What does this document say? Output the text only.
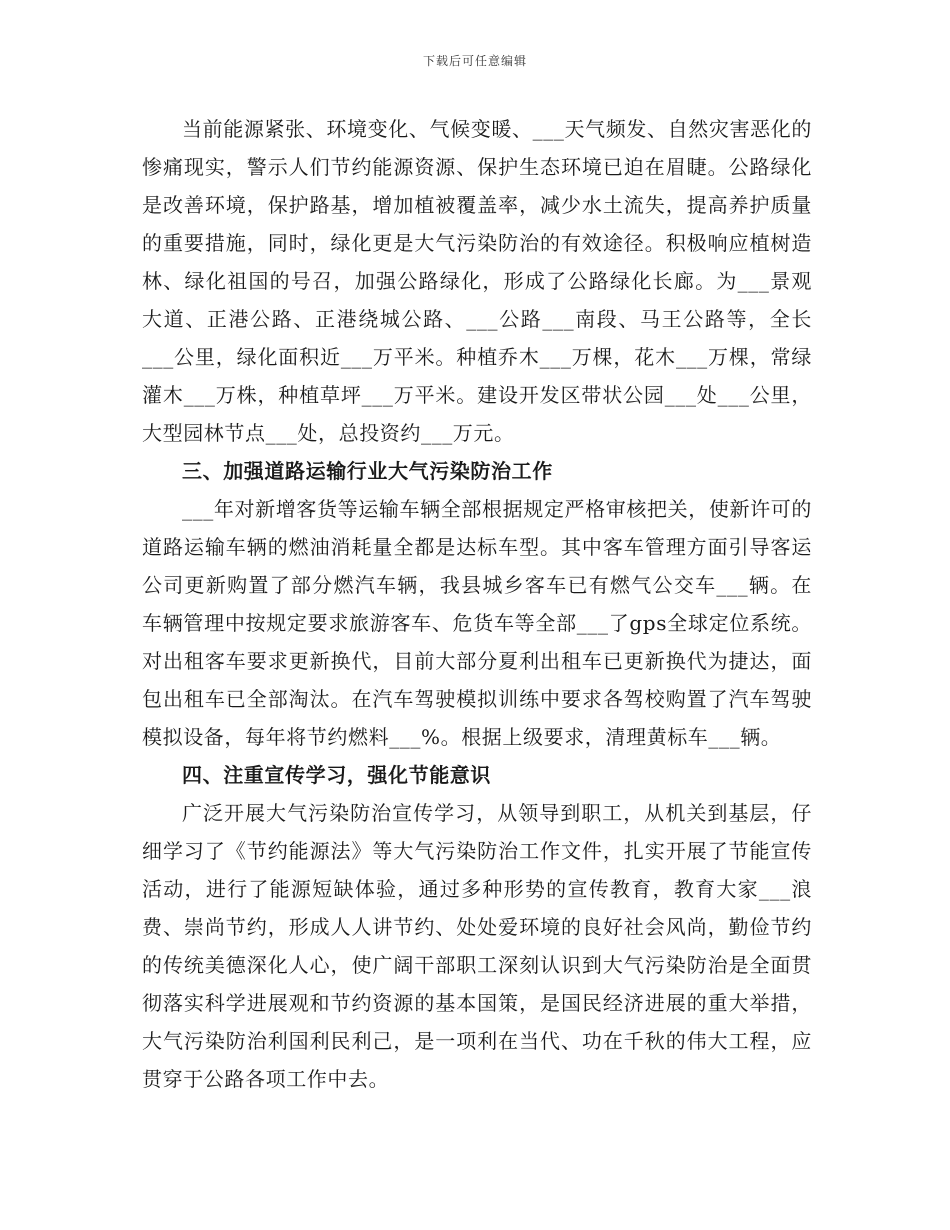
下载后可任意编辑

当前能源紧张、环境变化、气候变暖、___天气频发、自然灾害恶化的惨痛现实，警示人们节约能源资源、保护生态环境已迫在眉睫。公路绿化是改善环境，保护路基，增加植被覆盖率，减少水土流失，提高养护质量的重要措施，同时，绿化更是大气污染防治的有效途径。积极响应植树造林、绿化祖国的号召，加强公路绿化，形成了公路绿化长廊。为___景观大道、正港公路、正港绕城公路、___公路___南段、马王公路等，全长___公里，绿化面积近___万平米。种植乔木___万棵，花木___万棵，常绿灌木___万株，种植草坪___万平米。建设开发区带状公园___处___公里，大型园林节点___处，总投资约___万元。

三、加强道路运输行业大气污染防治工作

___年对新增客货等运输车辆全部根据规定严格审核把关，使新许可的道路运输车辆的燃油消耗量全都是达标车型。其中客车管理方面引导客运公司更新购置了部分燃汽车辆，我县城乡客车已有燃气公交车___辆。在车辆管理中按规定要求旅游客车、危货车等全部___了gps全球定位系统。对出租客车要求更新换代，目前大部分夏利出租车已更新换代为捷达，面包出租车已全部淘汰。在汽车驾驶模拟训练中要求各驾校购置了汽车驾驶模拟设备，每年将节约燃料___%。根据上级要求，清理黄标车___辆。

四、注重宣传学习，强化节能意识

广泛开展大气污染防治宣传学习，从领导到职工，从机关到基层，仔细学习了《节约能源法》等大气污染防治工作文件，扎实开展了节能宣传活动，进行了能源短缺体验，通过多种形势的宣传教育，教育大家___浪费、崇尚节约，形成人人讲节约、处处爱环境的良好社会风尚，勤俭节约的传统美德深化人心，使广阔干部职工深刻认识到大气污染防治是全面贯彻落实科学进展观和节约资源的基本国策，是国民经济进展的重大举措，大气污染防治利国利民利己，是一项利在当代、功在千秋的伟大工程，应贯穿于公路各项工作中去。
